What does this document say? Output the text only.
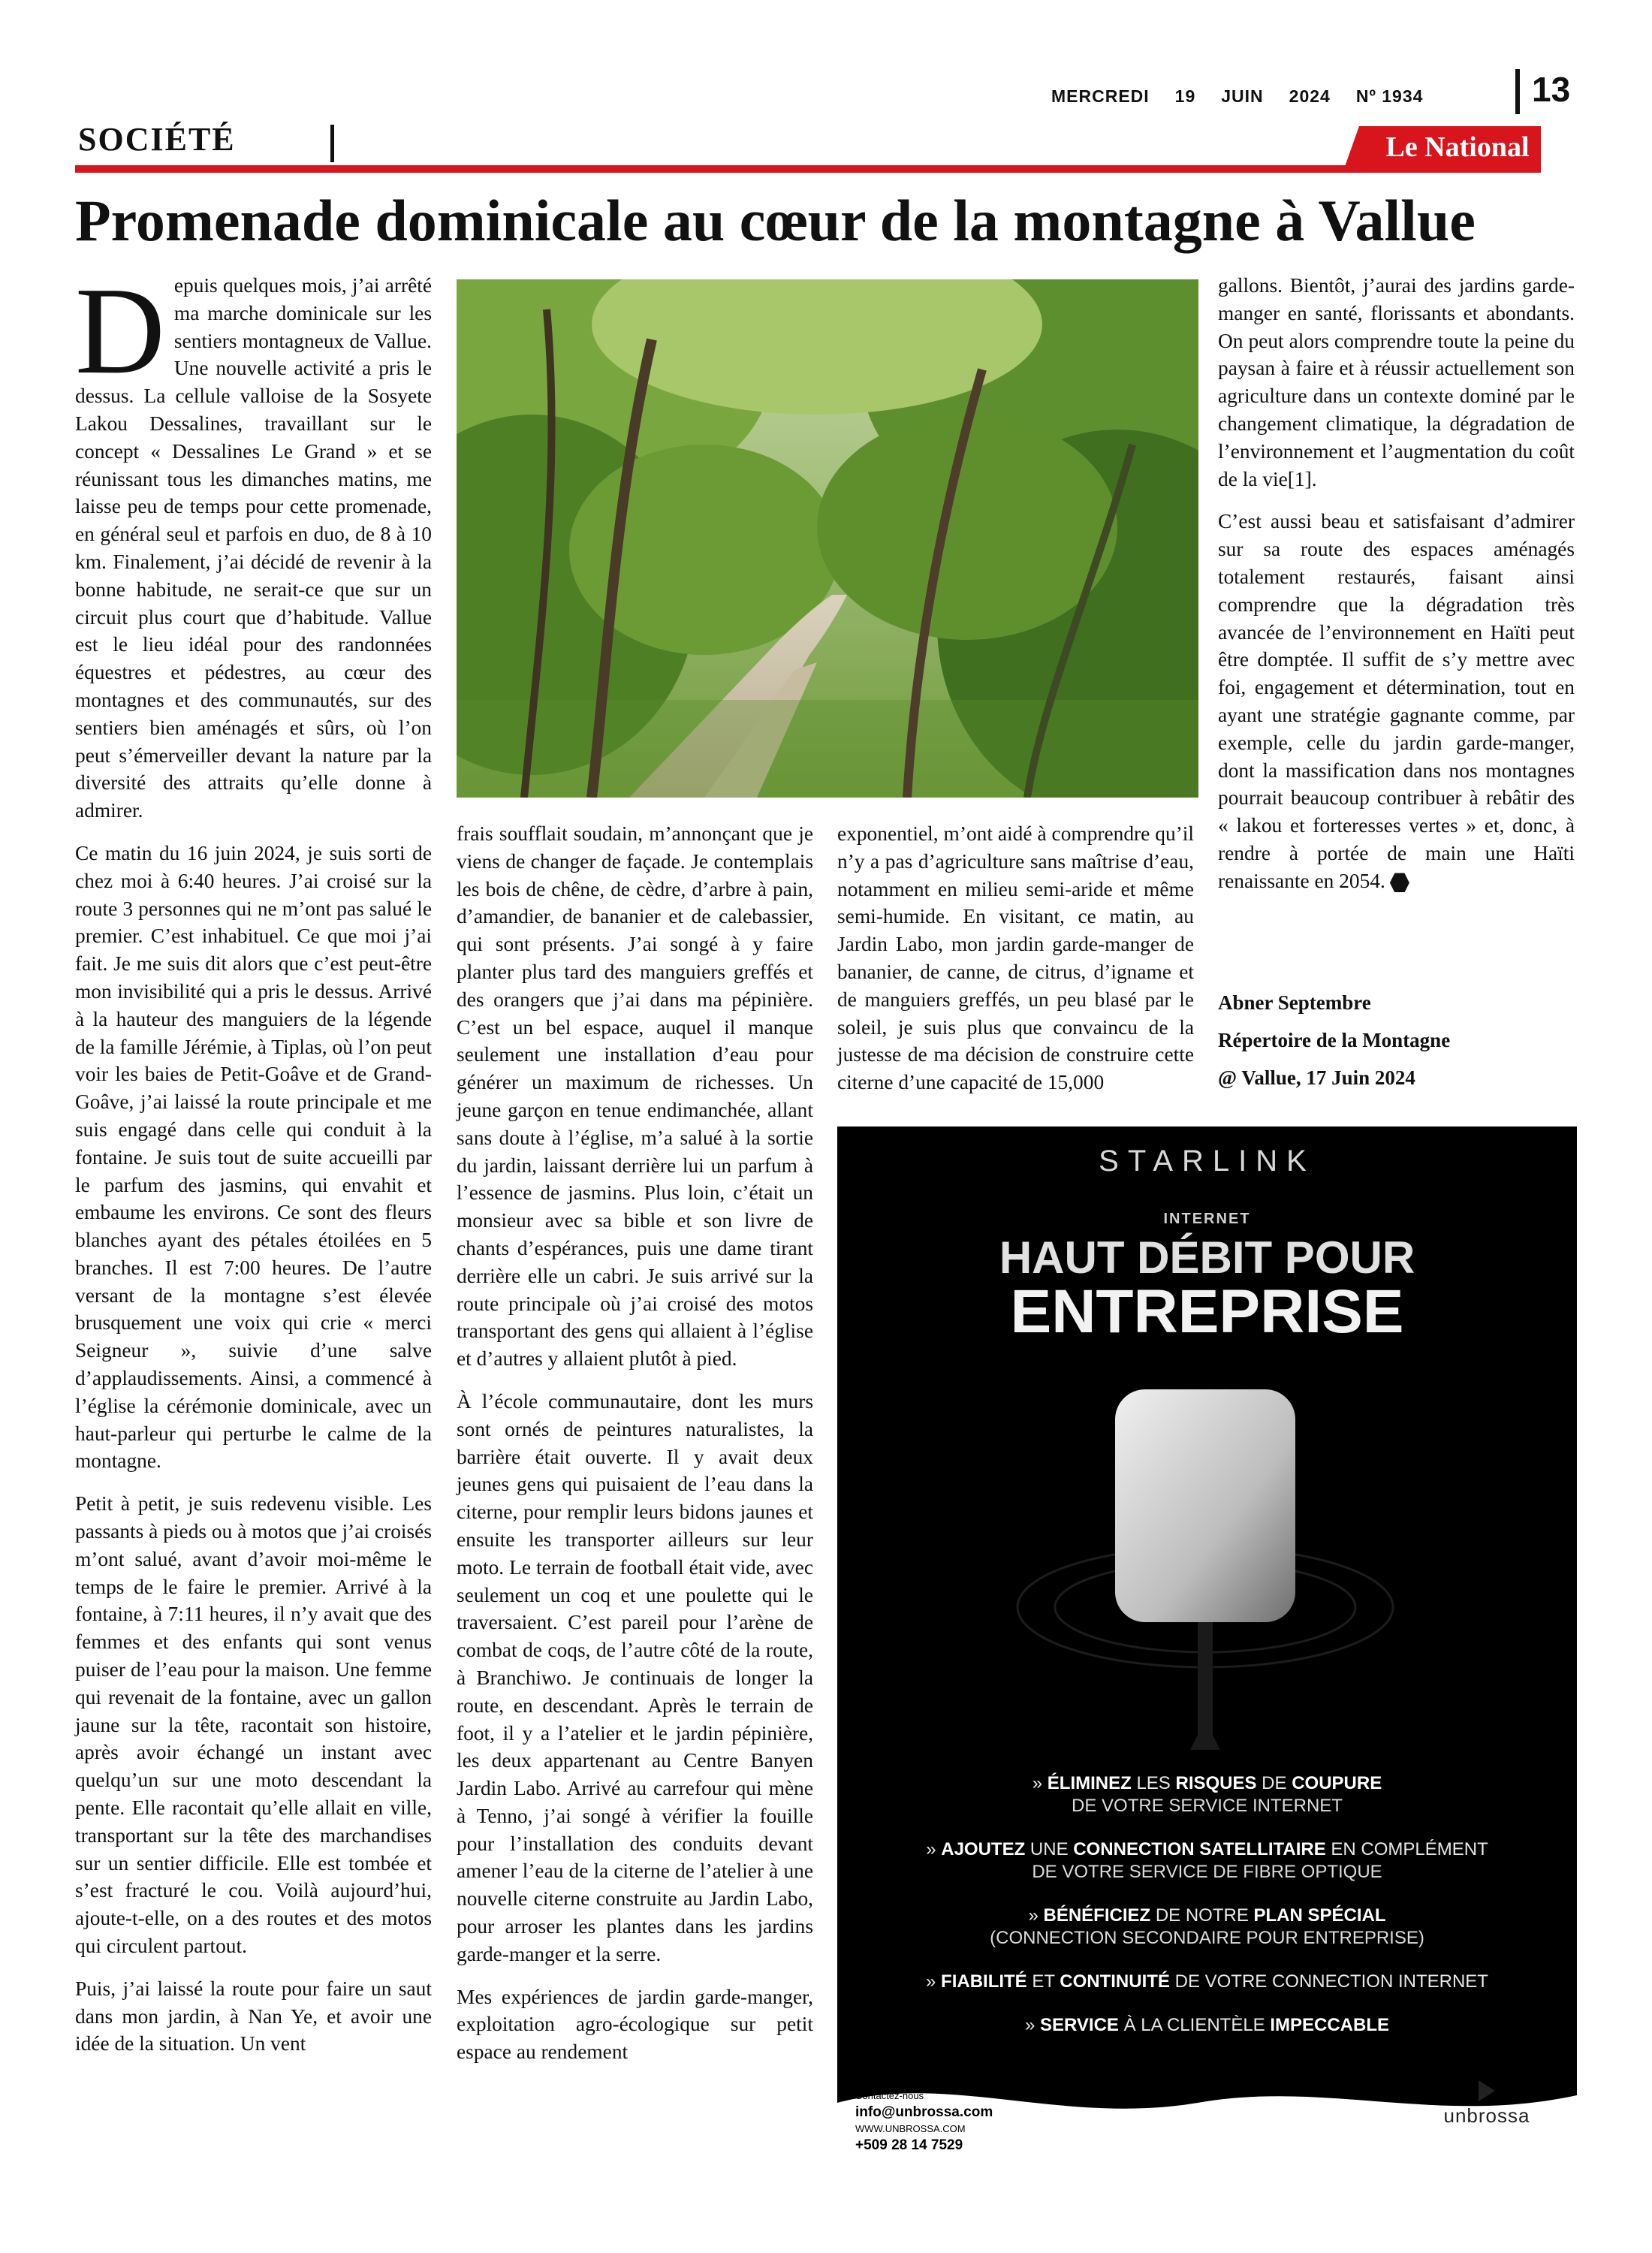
MERCREDI 19 JUIN 2024 Nº 1934	13
SOCIÉTÉ	Le National
Promenade dominicale au cœur de la montagne à Vallue

Depuis quelques mois, j’ai arrêté ma marche dominicale sur les sentiers montagneux de Vallue. Une nouvelle activité a pris le dessus. La cellule valloise de la Sosyete Lakou Dessalines, travaillant sur le concept « Dessalines Le Grand » et se réunissant tous les dimanches matins, me laisse peu de temps pour cette promenade, en général seul et parfois en duo, de 8 à 10 km. Finalement, j’ai décidé de revenir à la bonne habitude, ne serait-ce que sur un circuit plus court que d’habitude. Vallue est le lieu idéal pour des randonnées équestres et pédestres, au cœur des montagnes et des communautés, sur des sentiers bien aménagés et sûrs, où l’on peut s’émerveiller devant la nature par la diversité des attraits qu’elle donne à admirer.

Ce matin du 16 juin 2024, je suis sorti de chez moi à 6:40 heures. J’ai croisé sur la route 3 personnes qui ne m’ont pas salué le premier. C’est inhabituel. Ce que moi j’ai fait. Je me suis dit alors que c’est peut-être mon invisibilité qui a pris le dessus. Arrivé à la hauteur des manguiers de la légende de la famille Jérémie, à Tiplas, où l’on peut voir les baies de Petit-Goâve et de Grand-Goâve, j’ai laissé la route principale et me suis engagé dans celle qui conduit à la fontaine. Je suis tout de suite accueilli par le parfum des jasmins, qui envahit et embaume les environs. Ce sont des fleurs blanches ayant des pétales étoilées en 5 branches. Il est 7:00 heures. De l’autre versant de la montagne s’est élevée brusquement une voix qui crie « merci Seigneur », suivie d’une salve d’applaudissements. Ainsi, a commencé à l’église la cérémonie dominicale, avec un haut-parleur qui perturbe le calme de la montagne.

Petit à petit, je suis redevenu visible. Les passants à pieds ou à motos que j’ai croisés m’ont salué, avant d’avoir moi-même le temps de le faire le premier. Arrivé à la fontaine, à 7:11 heures, il n’y avait que des femmes et des enfants qui sont venus puiser de l’eau pour la maison. Une femme qui revenait de la fontaine, avec un gallon jaune sur la tête, racontait son histoire, après avoir échangé un instant avec quelqu’un sur une moto descendant la pente. Elle racontait qu’elle allait en ville, transportant sur la tête des marchandises sur un sentier difficile. Elle est tombée et s’est fracturé le cou. Voilà aujourd’hui, ajoute-t-elle, on a des routes et des motos qui circulent partout.

Puis, j’ai laissé la route pour faire un saut dans mon jardin, à Nan Ye, et avoir une idée de la situation. Un vent

frais soufflait soudain, m’annonçant que je viens de changer de façade. Je contemplais les bois de chêne, de cèdre, d’arbre à pain, d’amandier, de bananier et de calebassier, qui sont présents. J’ai songé à y faire planter plus tard des manguiers greffés et des orangers que j’ai dans ma pépinière. C’est un bel espace, auquel il manque seulement une installation d’eau pour générer un maximum de richesses. Un jeune garçon en tenue endimanchée, allant sans doute à l’église, m’a salué à la sortie du jardin, laissant derrière lui un parfum à l’essence de jasmins. Plus loin, c’était un monsieur avec sa bible et son livre de chants d’espérances, puis une dame tirant derrière elle un cabri. Je suis arrivé sur la route principale où j’ai croisé des motos transportant des gens qui allaient à l’église et d’autres y allaient plutôt à pied.

À l’école communautaire, dont les murs sont ornés de peintures naturalistes, la barrière était ouverte. Il y avait deux jeunes gens qui puisaient de l’eau dans la citerne, pour remplir leurs bidons jaunes et ensuite les transporter ailleurs sur leur moto. Le terrain de football était vide, avec seulement un coq et une poulette qui le traversaient. C’est pareil pour l’arène de combat de coqs, de l’autre côté de la route, à Branchiwo. Je continuais de longer la route, en descendant. Après le terrain de foot, il y a l’atelier et le jardin pépinière, les deux appartenant au Centre Banyen Jardin Labo. Arrivé au carrefour qui mène à Tenno, j’ai songé à vérifier la fouille pour l’installation des conduits devant amener l’eau de la citerne de l’atelier à une nouvelle citerne construite au Jardin Labo, pour arroser les plantes dans les jardins garde-manger et la serre.

Mes expériences de jardin garde-manger, exploitation agro-écologique sur petit espace au rendement

exponentiel, m’ont aidé à comprendre qu’il n’y a pas d’agriculture sans maîtrise d’eau, notamment en milieu semi-aride et même semi-humide. En visitant, ce matin, au Jardin Labo, mon jardin garde-manger de bananier, de canne, de citrus, d’igname et de manguiers greffés, un peu blasé par le soleil, je suis plus que convaincu de la justesse de ma décision de construire cette citerne d’une capacité de 15,000

gallons. Bientôt, j’aurai des jardins garde-manger en santé, florissants et abondants. On peut alors comprendre toute la peine du paysan à faire et à réussir actuellement son agriculture dans un contexte dominé par le changement climatique, la dégradation de l’environnement et l’augmentation du coût de la vie[1].

C’est aussi beau et satisfaisant d’admirer sur sa route des espaces aménagés totalement restaurés, faisant ainsi comprendre que la dégradation très avancée de l’environnement en Haïti peut être domptée. Il suffit de s’y mettre avec foi, engagement et détermination, tout en ayant une stratégie gagnante comme, par exemple, celle du jardin garde-manger, dont la massification dans nos montagnes pourrait beaucoup contribuer à rebâtir des « lakou et forteresses vertes » et, donc, à rendre à portée de main une Haïti renaissante en 2054.

Abner Septembre
Répertoire de la Montagne
@ Vallue, 17 Juin 2024
STARLINK
INTERNET
HAUT DÉBIT POUR
ENTREPRISE
» ÉLIMINEZ LES RISQUES DE COUPURE
DE VOTRE SERVICE INTERNET
» AJOUTEZ UNE CONNECTION SATELLITAIRE EN COMPLÉMENT
DE VOTRE SERVICE DE FIBRE OPTIQUE
» BÉNÉFICIEZ DE NOTRE PLAN SPÉCIAL
(CONNECTION SECONDAIRE POUR ENTREPRISE)
» FIABILITÉ ET CONTINUITÉ DE VOTRE CONNECTION INTERNET
» SERVICE À LA CLIENTÈLE IMPECCABLE
Contactez-nous
info@unbrossa.com
WWW.UNBROSSA.COM
+509 28 14 7529
unbrossa
